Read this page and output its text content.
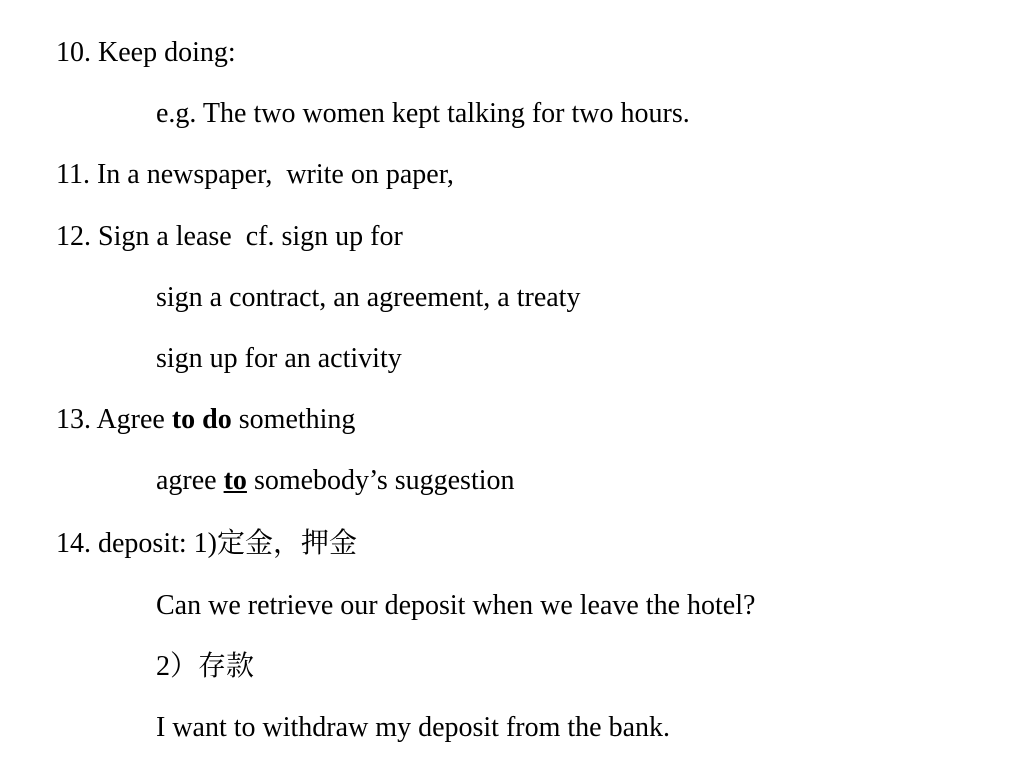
10. Keep doing:
e.g. The two women kept talking for two hours.
11. In a newspaper,  write on paper,
12. Sign a lease  cf. sign up for
sign a contract, an agreement, a treaty
sign up for an activity
13. Agree to do something
agree to somebody’s suggestion
14. deposit: 1)定金，押金
Can we retrieve our deposit when we leave the hotel?
2）存款
I want to withdraw my deposit from the bank.
